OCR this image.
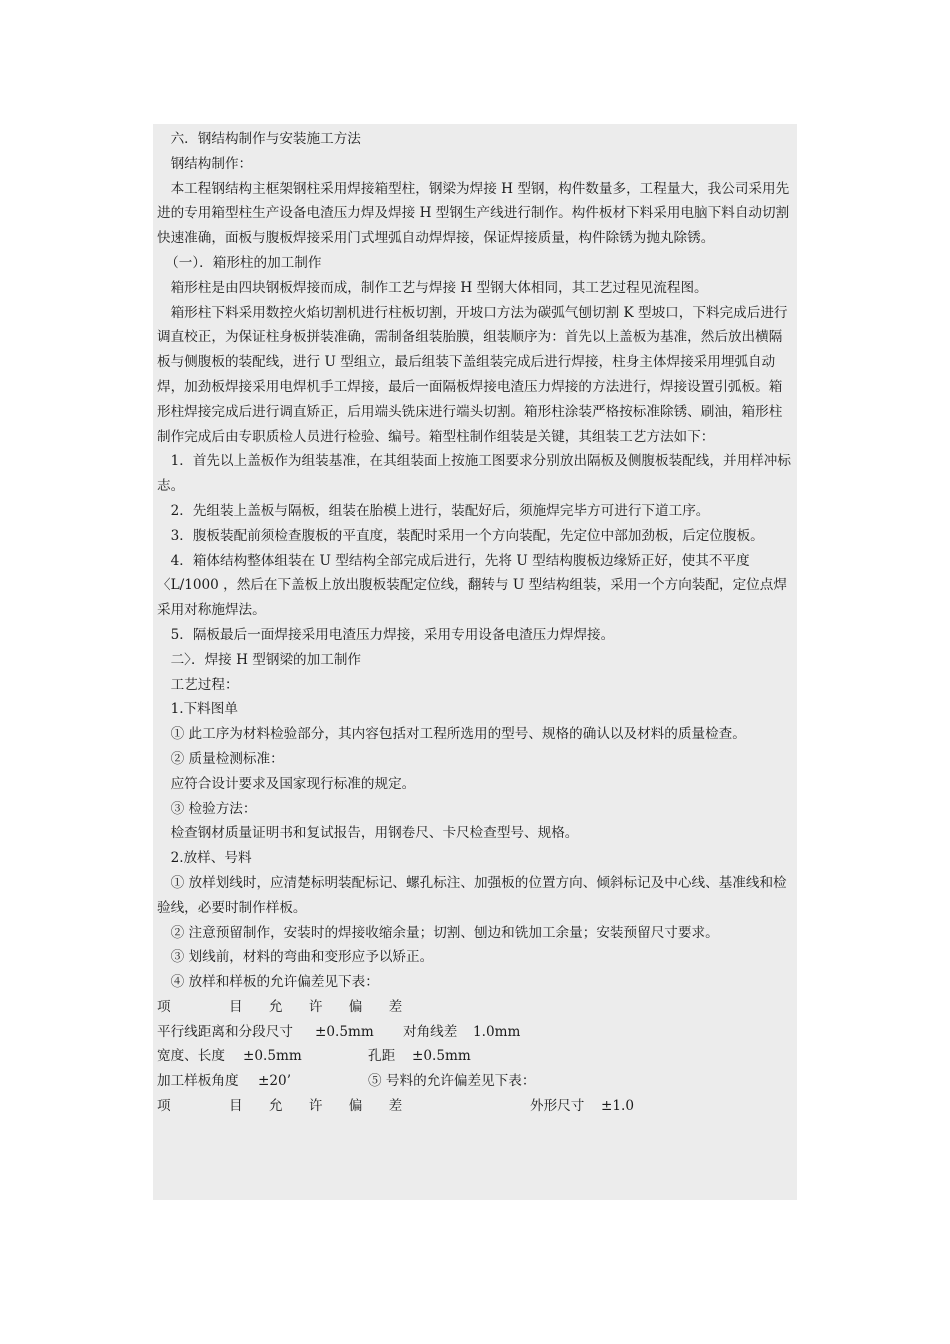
六．钢结构制作与安装施工方法

钢结构制作：

本工程钢结构主框架钢柱采用焊接箱型柱，钢梁为焊接 H 型钢，构件数量多，工程量大，我公司采用先进的专用箱型柱生产设备电渣压力焊及焊接 H 型钢生产线进行制作。构件板材下料采用电脑下料自动切割快速准确，面板与腹板焊接采用门式埋弧自动焊焊接，保证焊接质量，构件除锈为抛丸除锈。

（一）．箱形柱的加工制作

箱形柱是由四块钢板焊接而成，制作工艺与焊接 H 型钢大体相同，其工艺过程见流程图。

箱形柱下料采用数控火焰切割机进行柱板切割，开坡口方法为碳弧气刨切割 K 型坡口，下料完成后进行调直校正，为保证柱身板拼装准确，需制备组装胎膜，组装顺序为：首先以上盖板为基准，然后放出横隔板与侧腹板的装配线，进行 U 型组立，最后组装下盖组装完成后进行焊接，柱身主体焊接采用埋弧自动焊，加劲板焊接采用电焊机手工焊接，最后一面隔板焊接电渣压力焊接的方法进行，焊接设置引弧板。箱形柱焊接完成后进行调直矫正，后用端头铣床进行端头切割。箱形柱涂装严格按标准除锈、刷油，箱形柱制作完成后由专职质检人员进行检验、编号。箱型柱制作组装是关键，其组装工艺方法如下：

1．首先以上盖板作为组装基准，在其组装面上按施工图要求分别放出隔板及侧腹板装配线，并用样冲标志。

2．先组装上盖板与隔板，组装在胎模上进行，装配好后，须施焊完毕方可进行下道工序。

3．腹板装配前须检查腹板的平直度，装配时采用一个方向装配，先定位中部加劲板，后定位腹板。

4．箱体结构整体组装在 U 型结构全部完成后进行，先将 U 型结构腹板边缘矫正好，使其不平度〈L/1000 ，然后在下盖板上放出腹板装配定位线，翻转与 U 型结构组装，采用一个方向装配，定位点焊采用对称施焊法。

5．隔板最后一面焊接采用电渣压力焊接，采用专用设备电渣压力焊焊接。

二〉．焊接 H 型钢梁的加工制作

工艺过程：

1.下料图单

① 此工序为材料检验部分，其内容包括对工程所选用的型号、规格的确认以及材料的质量检查。

② 质量检测标准：

应符合设计要求及国家现行标准的规定。

③ 检验方法：

检查钢材质量证明书和复试报告，用钢卷尺、卡尺检查型号、规格。

2.放样、号料

① 放样划线时，应清楚标明装配标记、螺孔标注、加强板的位置方向、倾斜标记及中心线、基准线和检验线，必要时制作样板。

② 注意预留制作，安装时的焊接收缩余量；切割、刨边和铣加工余量；安装预留尺寸要求。

③ 划线前，材料的弯曲和变形应予以矫正。

④ 放样和样板的允许偏差见下表：

项	目 允 许 偏 差
平行线距离和分段尺寸 ±0.5mm 对角线差 1.0mm
宽度、长度 ±0.5mm	孔距 ±0.5mm
加工样板角度 ±20’	⑤ 号料的允许偏差见下表：
项	目 允 许 偏 差	外形尺寸 ±1.0
